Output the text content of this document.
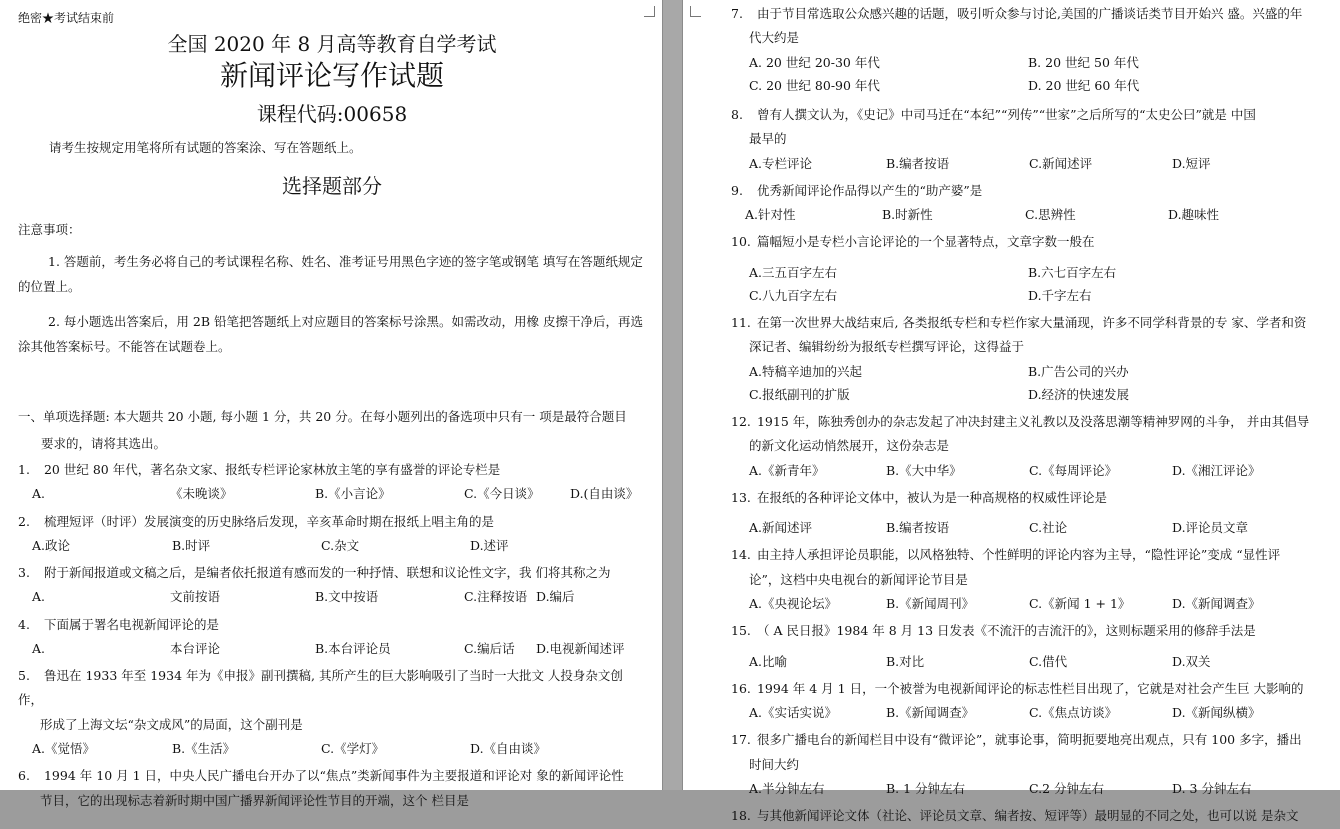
绝密★考试结束前
全国 2020 年 8 月高等教育自学考试
新闻评论写作试题
课程代码:00658
请考生按规定用笔将所有试题的答案涂、写在答题纸上。
选择题部分
注意事项：
1. 答题前，考生务必将自己的考试课程名称、姓名、准考证号用黑色字迹的签字笔或钢笔 填写在答题纸规定的位置上。
2. 每小题选出答案后，用 2B 铅笔把答题纸上对应题目的答案标号涂黑。如需改动，用橡 皮擦干净后，再选涂其他答案标号。不能答在试题卷上。
一、单项选择题: 本大题共 20 小题, 每小题 1 分，共 20 分。在每小题列出的备选项中只有一 项是最符合题目
要求的，请将其选出。
1. 20 世纪 80 年代，著名杂文家、报纸专栏评论家林放主笔的享有盛誉的评论专栏是
A.	《未晚谈》	B.《小言论》	C.《今日谈》 D.(自由谈》
2. 梳理短评（时评）发展演变的历史脉络后发现，辛亥革命时期在报纸上唱主角的是
A.政论	B.时评	C.杂文	D.述评
3. 附于新闻报道或文稿之后，是编者依托报道有感而发的一种抒情、联想和议论性文字，我 们将其称之为
A.	文前按语	B.文中按语	C.注释按语 D.编后
4. 下面属于署名电视新闻评论的是
A.	本台评论	B.本台评论员	C.编后话 D.电视新闻述评
5. 鲁迅在 1933 年至 1934 年为《申报》副刊撰稿, 其所产生的巨大影响吸引了当时一大批文 人投身杂文创作，
形成了上海文坛“杂文成风”的局面，这个副刊是
A.《觉悟》	B.《生活》	C.《学灯》	D.《自由谈》
6. 1994 年 10 月 1 日，中央人民广播电台开办了以“焦点”类新闻事件为主要报道和评论对 象的新闻评论性
节目，它的出现标志着新时期中国广播界新闻评论性节目的开端，这个 栏目是
7. 由于节目常选取公众感兴趣的话题，吸引听众参与讨论,美国的广播谈话类节目开始兴 盛。兴盛的年
代大约是
A. 20 世纪 20-30 年代	B. 20 世纪 50 年代
C. 20 世纪 80-90 年代	D. 20 世纪 60 年代
8. 曾有人撰文认为，《史记》中司马迁在“本纪”“列传”“世家”之后所写的“太史公曰”就是 中国
最早的
A.专栏评论	B.编者按语	C.新闻述评	D.短评
9. 优秀新闻评论作品得以产生的“助产婆”是
A.针对性	B.时新性	C.思辨性	D.趣味性
10. 篇幅短小是专栏小言论评论的一个显著特点，文章字数一般在
A.三五百字左右	B.六七百字左右
C.八九百字左右	D.千字左右
11. 在第一次世界大战结束后, 各类报纸专栏和专栏作家大量涌现，许多不同学科背景的专 家、学者和资
深记者、编辑纷纷为报纸专栏撰写评论，这得益于
A.特稿辛迪加的兴起	B.广告公司的兴办
C.报纸副刊的扩版	D.经济的快速发展
12. 1915 年，陈独秀创办的杂志发起了冲决封建主义礼教以及没落思潮等精神罗网的斗争， 并由其倡导
的新文化运动悄然展开，这份杂志是
A.《新青年》	B.《大中华》	C.《每周评论》	D.《湘江评论》
13. 在报纸的各种评论文体中，被认为是一种高规格的权威性评论是
A.新闻述评	B.编者按语	C.社论	D.评论员文章
14. 由主持人承担评论员职能，以风格独特、个性鲜明的评论内容为主导，“隐性评论”变成 “显性评
论”，这档中央电视台的新闻评论节目是
A.《央视论坛》	B.《新闻周刊》	C.《新闻 1 + 1》	D.《新闻调查》
15. （ A 民日报》1984 年 8 月 13 日发表《不流汗的吉流汗的》，这则标题采用的修辞手法是
A.比喻	B.对比	C.借代	D.双关
16. 1994 年 4 月 1 日，一个被誉为电视新闻评论的标志性栏目出现了，它就是对社会产生巨 大影响的
A.《实话实说》	B.《新闻调查》	C.《焦点访谈》	D.《新闻纵横》
17. 很多广播电台的新闻栏目中设有“微评论”，就事论事，简明扼要地亮出观点，只有 100 多字，播出
时间大约
A.半分钟左右	B. 1 分钟左右	C.2 分钟左右	D. 3 分钟左右
18. 与其他新闻评论文体（社论、评论员文章、编者按、短评等）最明显的不同之处，也可以说 是杂文
